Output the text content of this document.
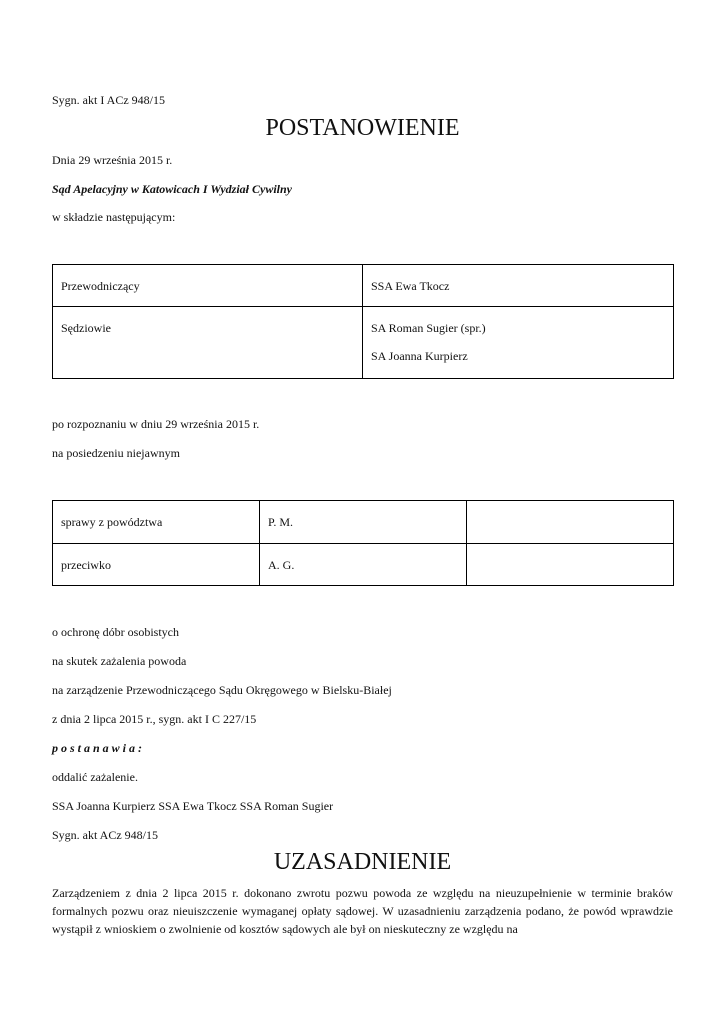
Sygn. akt I ACz 948/15
POSTANOWIENIE
Dnia 29 września 2015 r.
Sąd Apelacyjny w Katowicach I Wydział Cywilny
w składzie następującym:
Przewodniczący	SSA Ewa Tkocz
Sędziowie	SA Roman Sugier (spr.)
SA Joanna Kurpierz
po rozpoznaniu w dniu 29 września 2015 r.
na posiedzeniu niejawnym
sprawy z powództwa	P. M.	
przeciwko	A. G.	
o ochronę dóbr osobistych
na skutek zażalenia powoda
na zarządzenie Przewodniczącego Sądu Okręgowego w Bielsku-Białej
z dnia 2 lipca 2015 r., sygn. akt I C 227/15
p o s t a n a w i a :
oddalić zażalenie.
SSA Joanna Kurpierz SSA Ewa Tkocz SSA Roman Sugier
Sygn. akt ACz 948/15
UZASADNIENIE
Zarządzeniem z dnia 2 lipca 2015 r. dokonano zwrotu pozwu powoda ze względu na nieuzupełnienie w terminie braków formalnych pozwu oraz nieuiszczenie wymaganej opłaty sądowej. W uzasadnieniu zarządzenia podano, że powód wprawdzie wystąpił z wnioskiem o zwolnienie od kosztów sądowych ale był on nieskuteczny ze względu na
